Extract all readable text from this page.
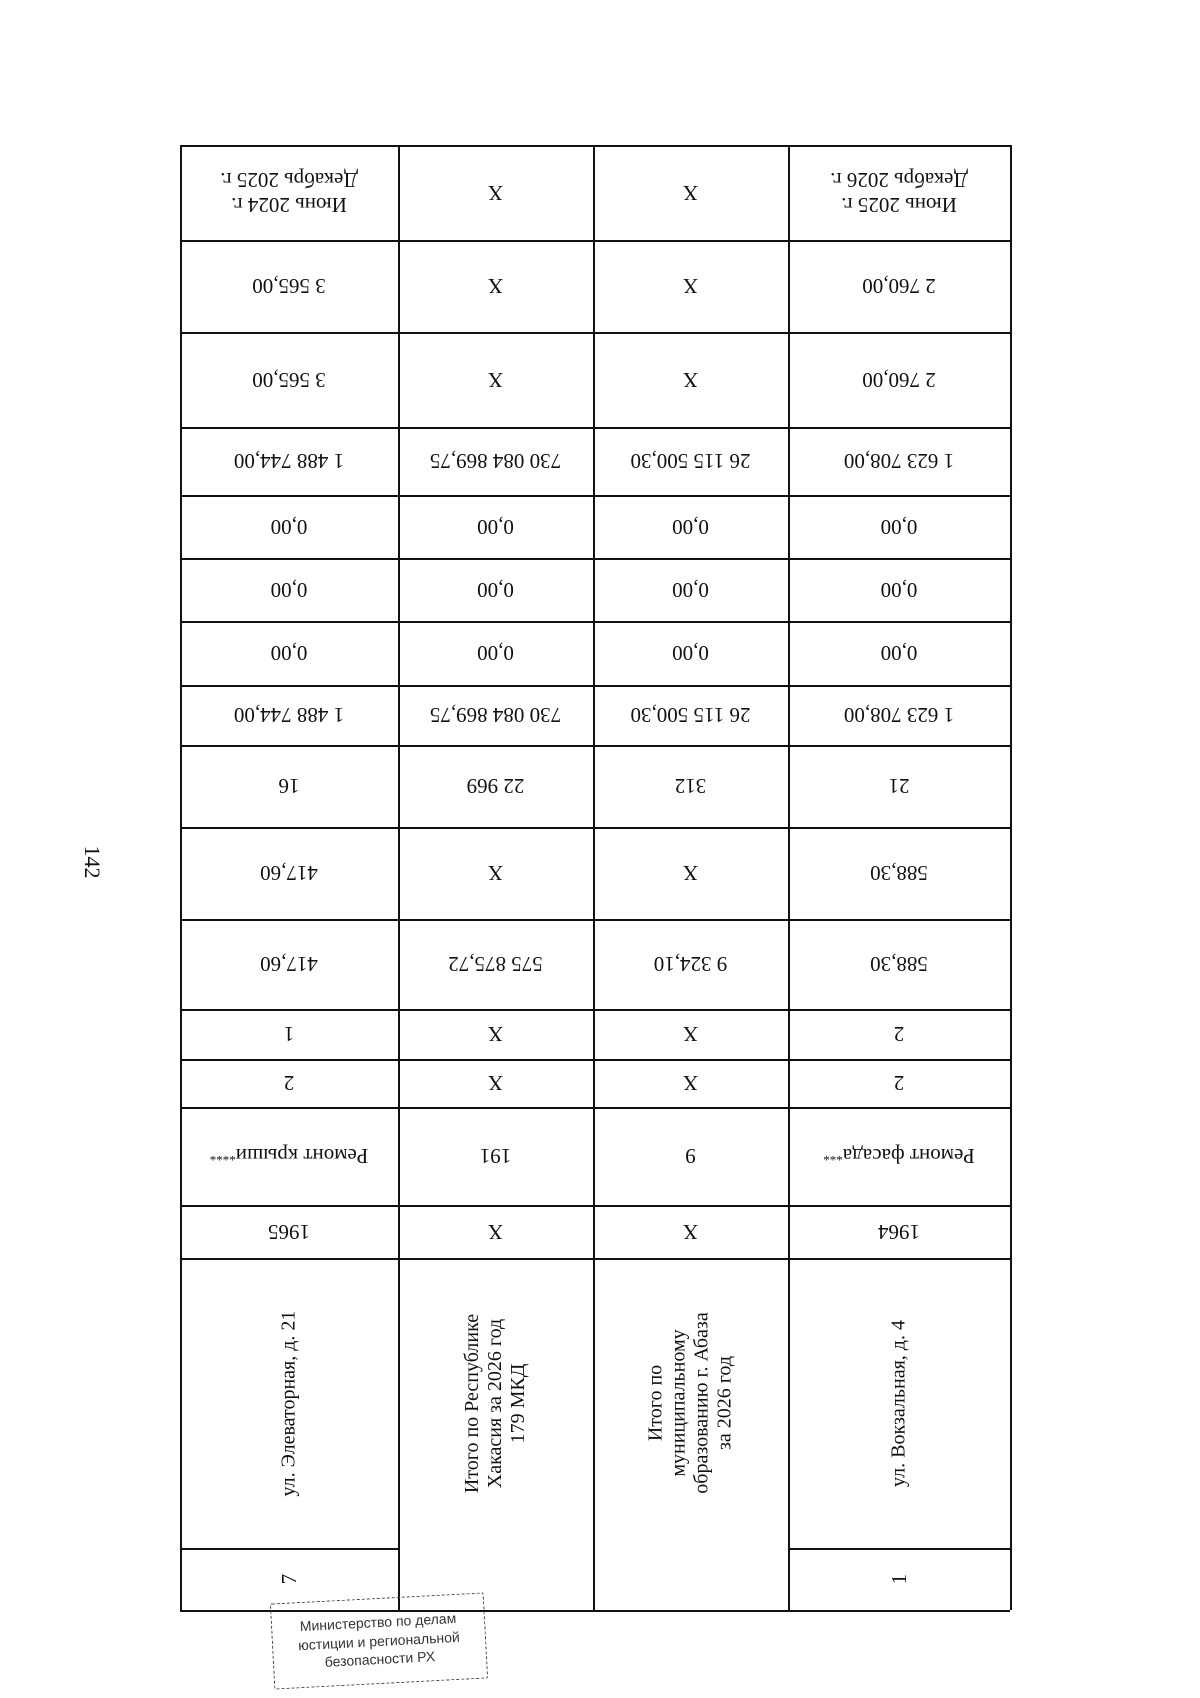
142
Июнь 2025 г.
Декабрь 2026 г.
2 760,00
2 760,00
1 623 708,00
0,00
0,00
0,00
1 623 708,00
21
588,30
588,30
2
2
Ремонт фасада
***
1964
ул. Вокзальная, д. 4
1
X
X
X
26 115 500,30
0,00
0,00
0,00
26 115 500,30
312
X
9 324,10
X
X
9
X
Итого по муниципальному образованию г. Абаза за 2026 год
X
X
X
730 084 869,75
0,00
0,00
0,00
730 084 869,75
22 969
X
575 875,72
X
X
191
X
Итого по Республике Хакасия за 2026 год 179 МКД
Июнь 2024 г.
Декабрь 2025 г.
3 565,00
3 565,00
1 488 744,00
0,00
0,00
0,00
1 488 744,00
16
417,60
417,60
1
2
Ремонт крыши
****
1965
ул. Элеваторная, д. 21
7
Министерство по делам
юстиции и региональной
безопасности РХ
